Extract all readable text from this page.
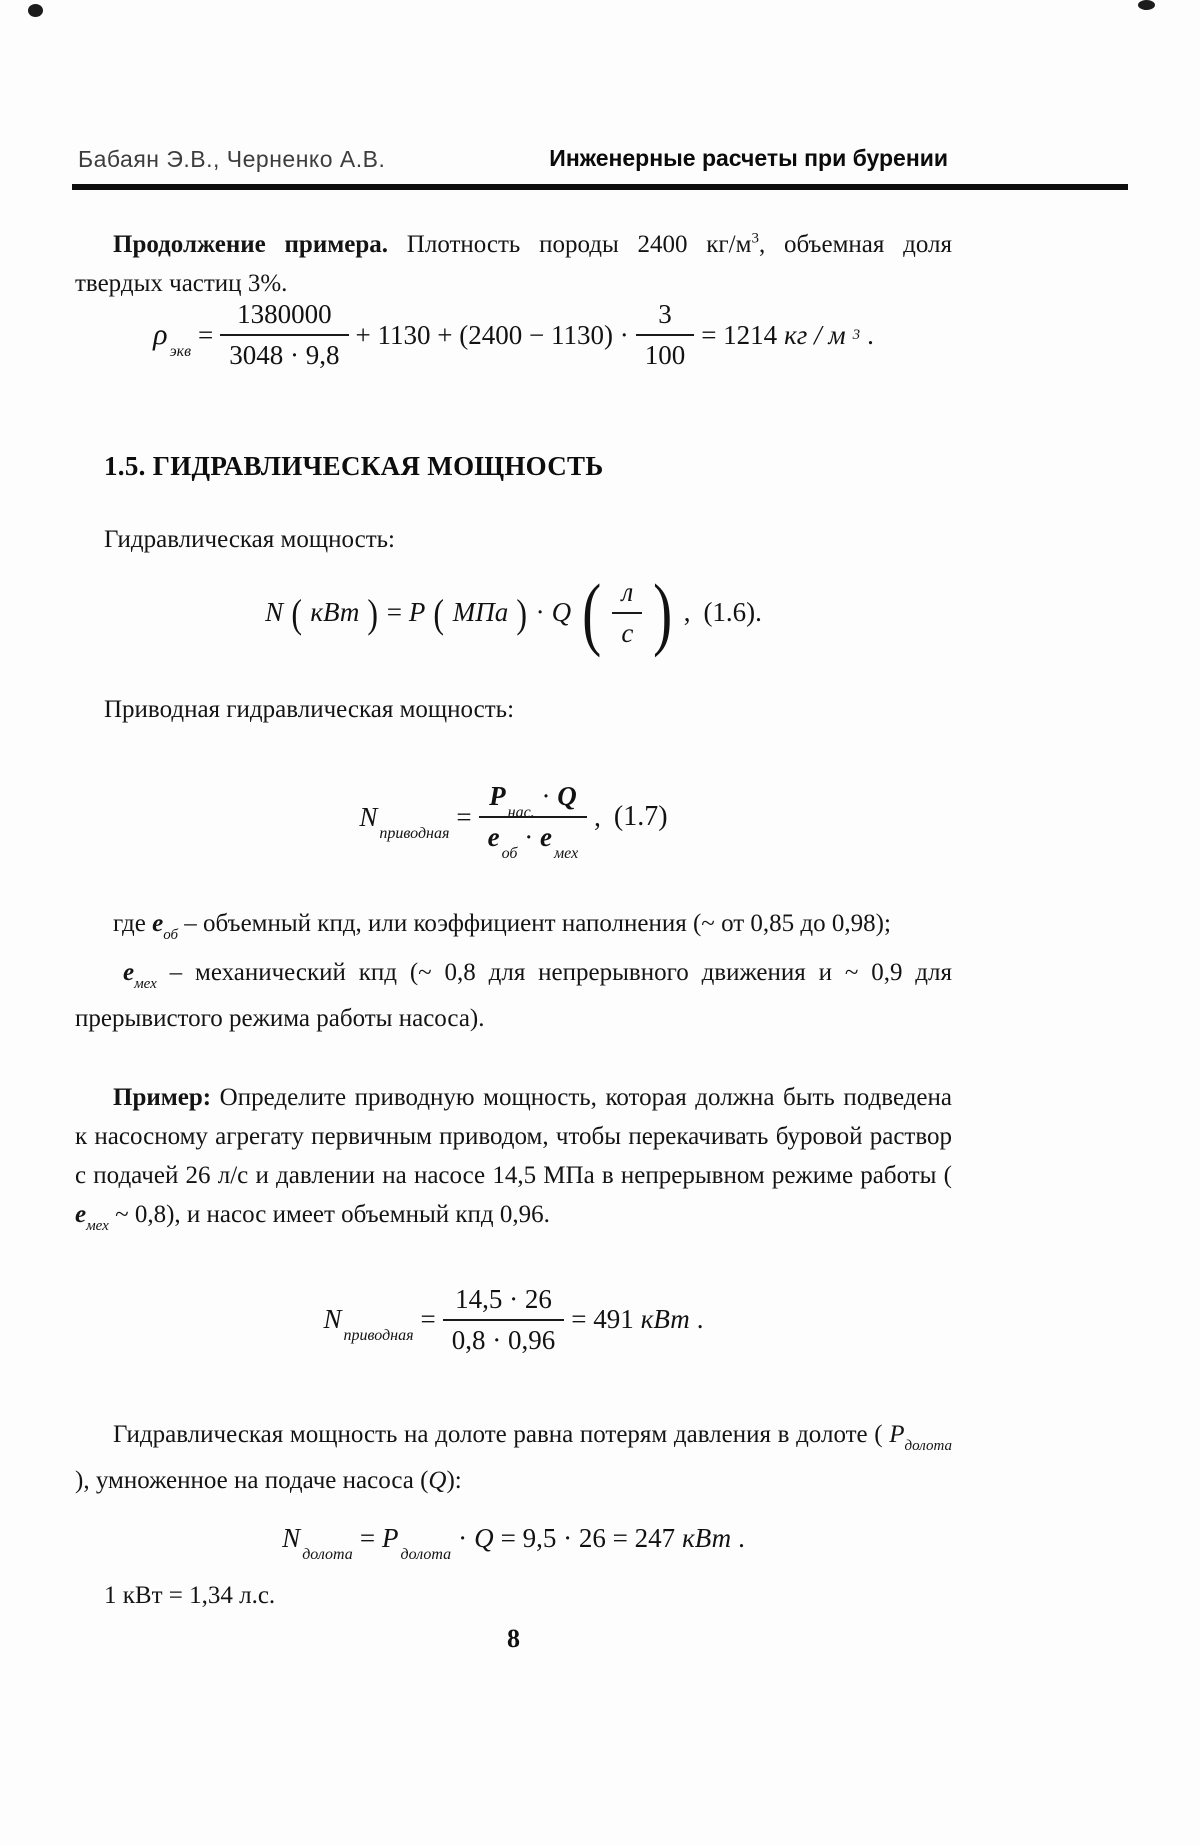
Бабаян Э.В., Черненко А.В.	Инженерные расчеты при бурении
Продолжение примера. Плотность породы 2400 $кг/м^3$, объемная доля твердых частиц 3%.
$\rho_{экв}$
= $\frac{1380000}{3048 \cdot 9,8} + 1130 + (2400 - 1130) \cdot \frac{3}{100} = 1214$ кг / м 3 .
1.5. ГИДРАВЛИЧЕСКАЯ МОЩНОСТЬ
Гидравлическая мощность:
N ( кВт ) = P ( МПа ) · Q ( $\frac{л}{с}$ ) , (1.6).
Приводная гидравлическая мощность:
$N_{приводная}$
= $\frac{P_{нас.} \cdot Q}{e_{об} \cdot e_{мех}}$ , (1.7)
где $e_{об}$ – объемный кпд, или коэффициент наполнения (~ от 0,85 до 0,98);
$e_{мех}$ – механический кпд (~ 0,8 для непрерывного движения и ~ 0,9 для прерывистого режима работы насоса).
Пример: Определите приводную мощность, которая должна быть подведена к насосному агрегату первичным приводом, чтобы перекачивать буровой раствор с подачей 26 л/с и давлении на насосе 14,5 МПа в непрерывном режиме работы ( $e_{мех}$ ~ 0,8), и насос имеет объемный кпд 0,96.
$N_{приводная}$
= $\frac{14,5 \cdot 26}{0,8 \cdot 0,96} = 491$ кВт .
Гидравлическая мощность на долоте равна потерям давления в долоте ( $P_{долота}$ ), умноженное на подаче насоса (Q):
$N_{долота}$
= $P_{долота}$
· Q = 9,5 · 26 = 247 кВт .
1 кВт = 1,34 л.с.
8
